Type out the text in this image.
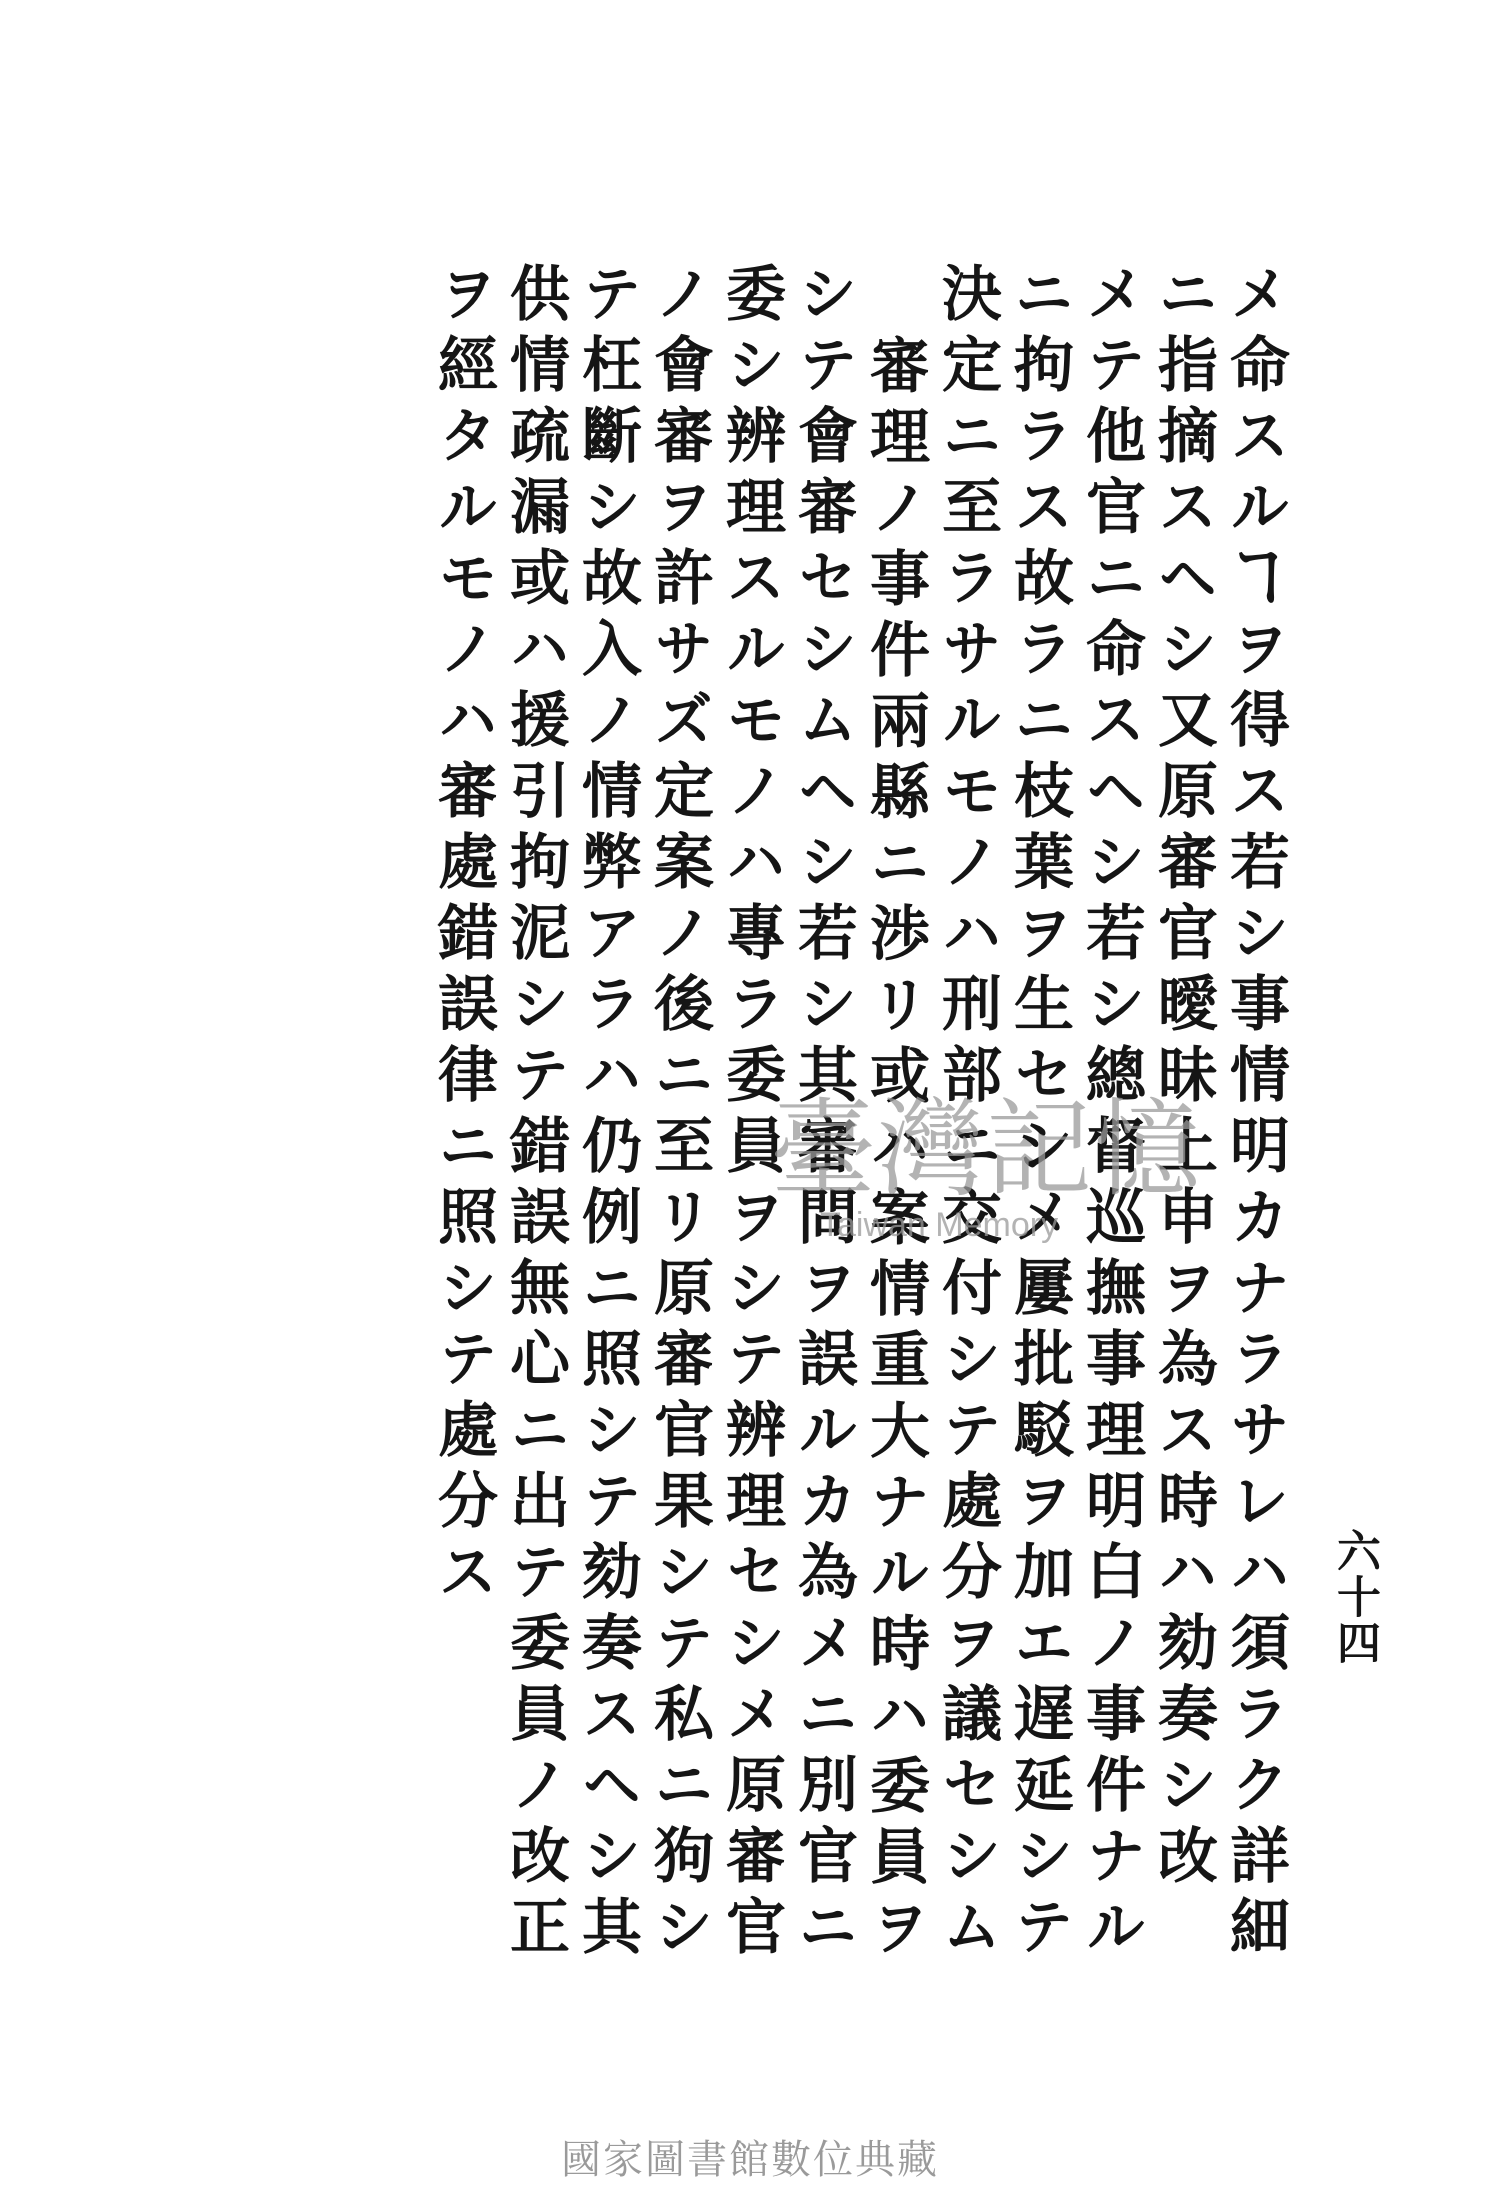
六十四
メ命スルヿヲ得ス若シ事情明カナラサレハ須ラク詳細
ニ指摘スヘシ又原審官曖昧上申ヲ為ス時ハ劾奏シ改
メテ他官ニ命スヘシ若シ總督巡撫事理明白ノ事件ナル
ニ拘ラス故ラニ枝葉ヲ生セシメ屢批駁ヲ加エ遅延シテ
決定ニ至ラサルモノハ刑部ニ交付シテ處分ヲ議セシム
審理ノ事件兩縣ニ渉リ或ハ案情重大ナル時ハ委員ヲ
シテ會審セシムヘシ若シ其審問ヲ誤ルカ為メニ別官ニ
委シ辨理スルモノハ專ラ委員ヲシテ辨理セシメ原審官
ノ會審ヲ許サズ定案ノ後ニ至リ原審官果シテ私ニ狗シ
テ枉斷シ故入ノ情弊アラハ仍例ニ照シテ劾奏スヘシ其
供情疏漏或ハ援引拘泥シテ錯誤無心ニ出テ委員ノ改正
ヲ經タルモノハ審處錯誤律ニ照シテ處分ス	臺灣記憶
Taiwan Memory
國家圖書館數位典藏
